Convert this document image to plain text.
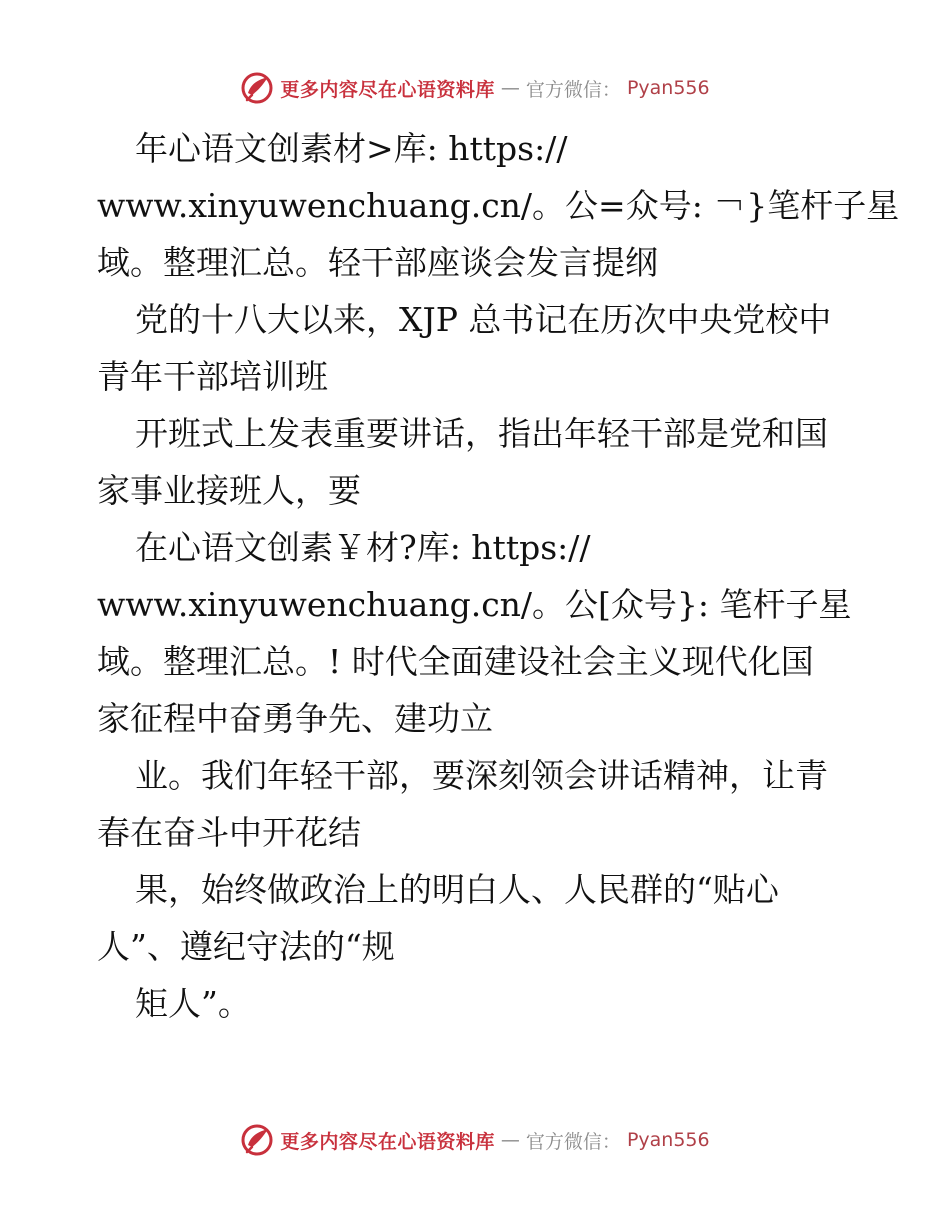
更多内容尽在心语资料库 — 官方微信： Pyan556
年心语文创素材>库: https://
www.xinyuwenchuang.cn/。公=众号: ￢}笔杆子星
域。整理汇总。轻干部座谈会发言提纲
党的十八大以来，XJP 总书记在历次中央党校中
青年干部培训班
开班式上发表重要讲话，指出年轻干部是党和国
家事业接班人，要
在心语文创素￥材?库: https://
www.xinyuwenchuang.cn/。公[众号}: 笔杆子星
域。整理汇总。! 时代全面建设社会主义现代化国
家征程中奋勇争先、建功立
业。我们年轻干部，要深刻领会讲话精神，让青
春在奋斗中开花结
果，始终做政治上的明白人、人民群的“贴心
人”、遵纪守法的“规
矩人”。
更多内容尽在心语资料库 — 官方微信： Pyan556
